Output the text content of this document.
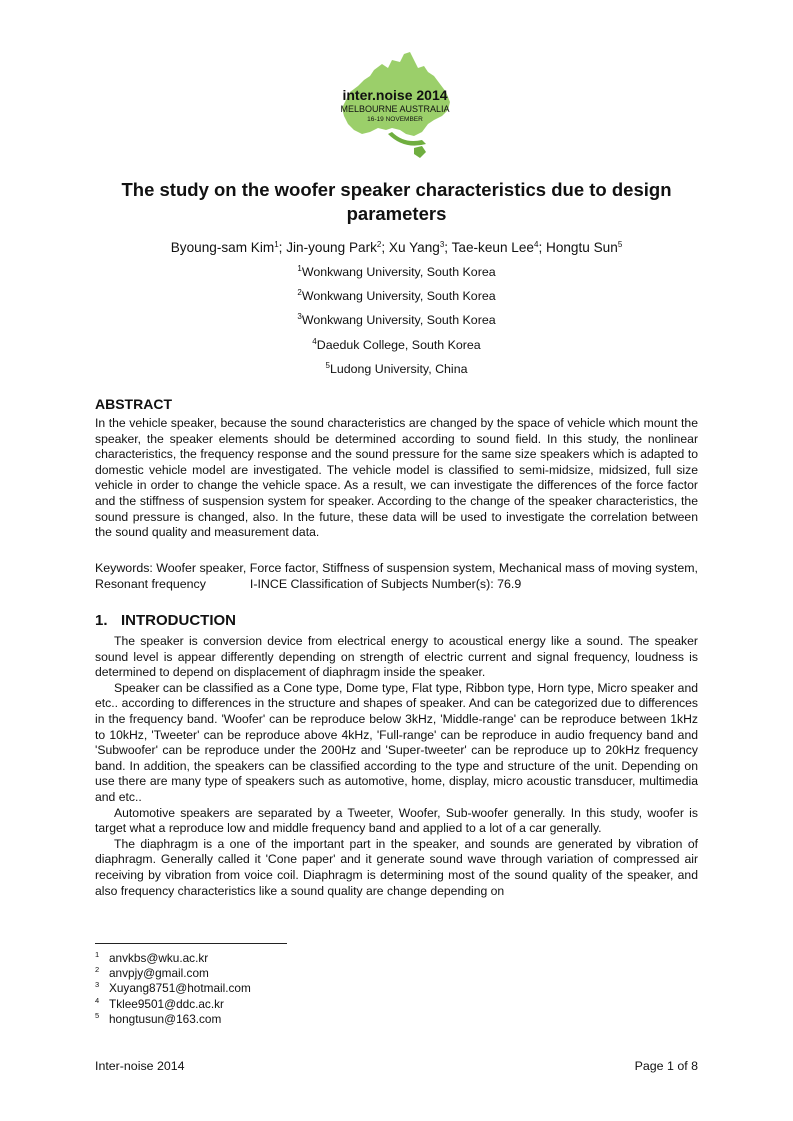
inter.noise 2014
MELBOURNE AUSTRALIA
16-19 NOVEMBER
The study on the woofer speaker characteristics due to design parameters

Byoung-sam Kim$^1$; Jin-young Park$^2$; Xu Yang$^3$; Tae-keun Lee$^4$; Hongtu Sun$^5$

$^1$Wonkwang University, South Korea
$^2$Wonkwang University, South Korea
$^3$Wonkwang University, South Korea
$^4$Daeduk College, South Korea
$^5$Ludong University, China
ABSTRACT

In the vehicle speaker, because the sound characteristics are changed by the space of vehicle which mount the speaker, the speaker elements should be determined according to sound field. In this study, the nonlinear characteristics, the frequency response and the sound pressure for the same size speakers which is adapted to domestic vehicle model are investigated. The vehicle model is classified to semi-midsize, midsized, full size vehicle in order to change the vehicle space. As a result, we can investigate the differences of the force factor and the stiffness of suspension system for speaker. According to the change of the speaker characteristics, the sound pressure is changed, also. In the future, these data will be used to investigate the correlation between the sound quality and measurement data.

Keywords: Woofer speaker, Force factor, Stiffness of suspension system, Mechanical mass of moving system, Resonant frequency	I-INCE Classification of Subjects Number(s): 76.9

1. INTRODUCTION

The speaker is conversion device from electrical energy to acoustical energy like a sound. The speaker sound level is appear differently depending on strength of electric current and signal frequency, loudness is determined to depend on displacement of diaphragm inside the speaker.

Speaker can be classified as a Cone type, Dome type, Flat type, Ribbon type, Horn type, Micro speaker and etc.. according to differences in the structure and shapes of speaker. And can be categorized due to differences in the frequency band. 'Woofer' can be reproduce below 3kHz, 'Middle-range' can be reproduce between 1kHz to 10kHz, 'Tweeter' can be reproduce above 4kHz, 'Full-range' can be reproduce in audio frequency band and 'Subwoofer' can be reproduce under the 200Hz and 'Super-tweeter' can be reproduce up to 20kHz frequency band. In addition, the speakers can be classified according to the type and structure of the unit. Depending on use there are many type of speakers such as automotive, home, display, micro acoustic transducer, multimedia and etc..

Automotive speakers are separated by a Tweeter, Woofer, Sub-woofer generally. In this study, woofer is target what a reproduce low and middle frequency band and applied to a lot of a car generally.

The diaphragm is a one of the important part in the speaker, and sounds are generated by vibration of diaphragm. Generally called it 'Cone paper' and it generate sound wave through variation of compressed air receiving by vibration from voice coil. Diaphragm is determining most of the sound quality of the speaker, and also frequency characteristics like a sound quality are change depending on

$^1$ anvkbs@wku.ac.kr
$^2$ anvpjy@gmail.com
$^3$ Xuyang8751@hotmail.com
$^4$ Tklee9501@ddc.ac.kr
$^5$ hongtusun@163.com

Inter-noise 2014	Page 1 of 8
